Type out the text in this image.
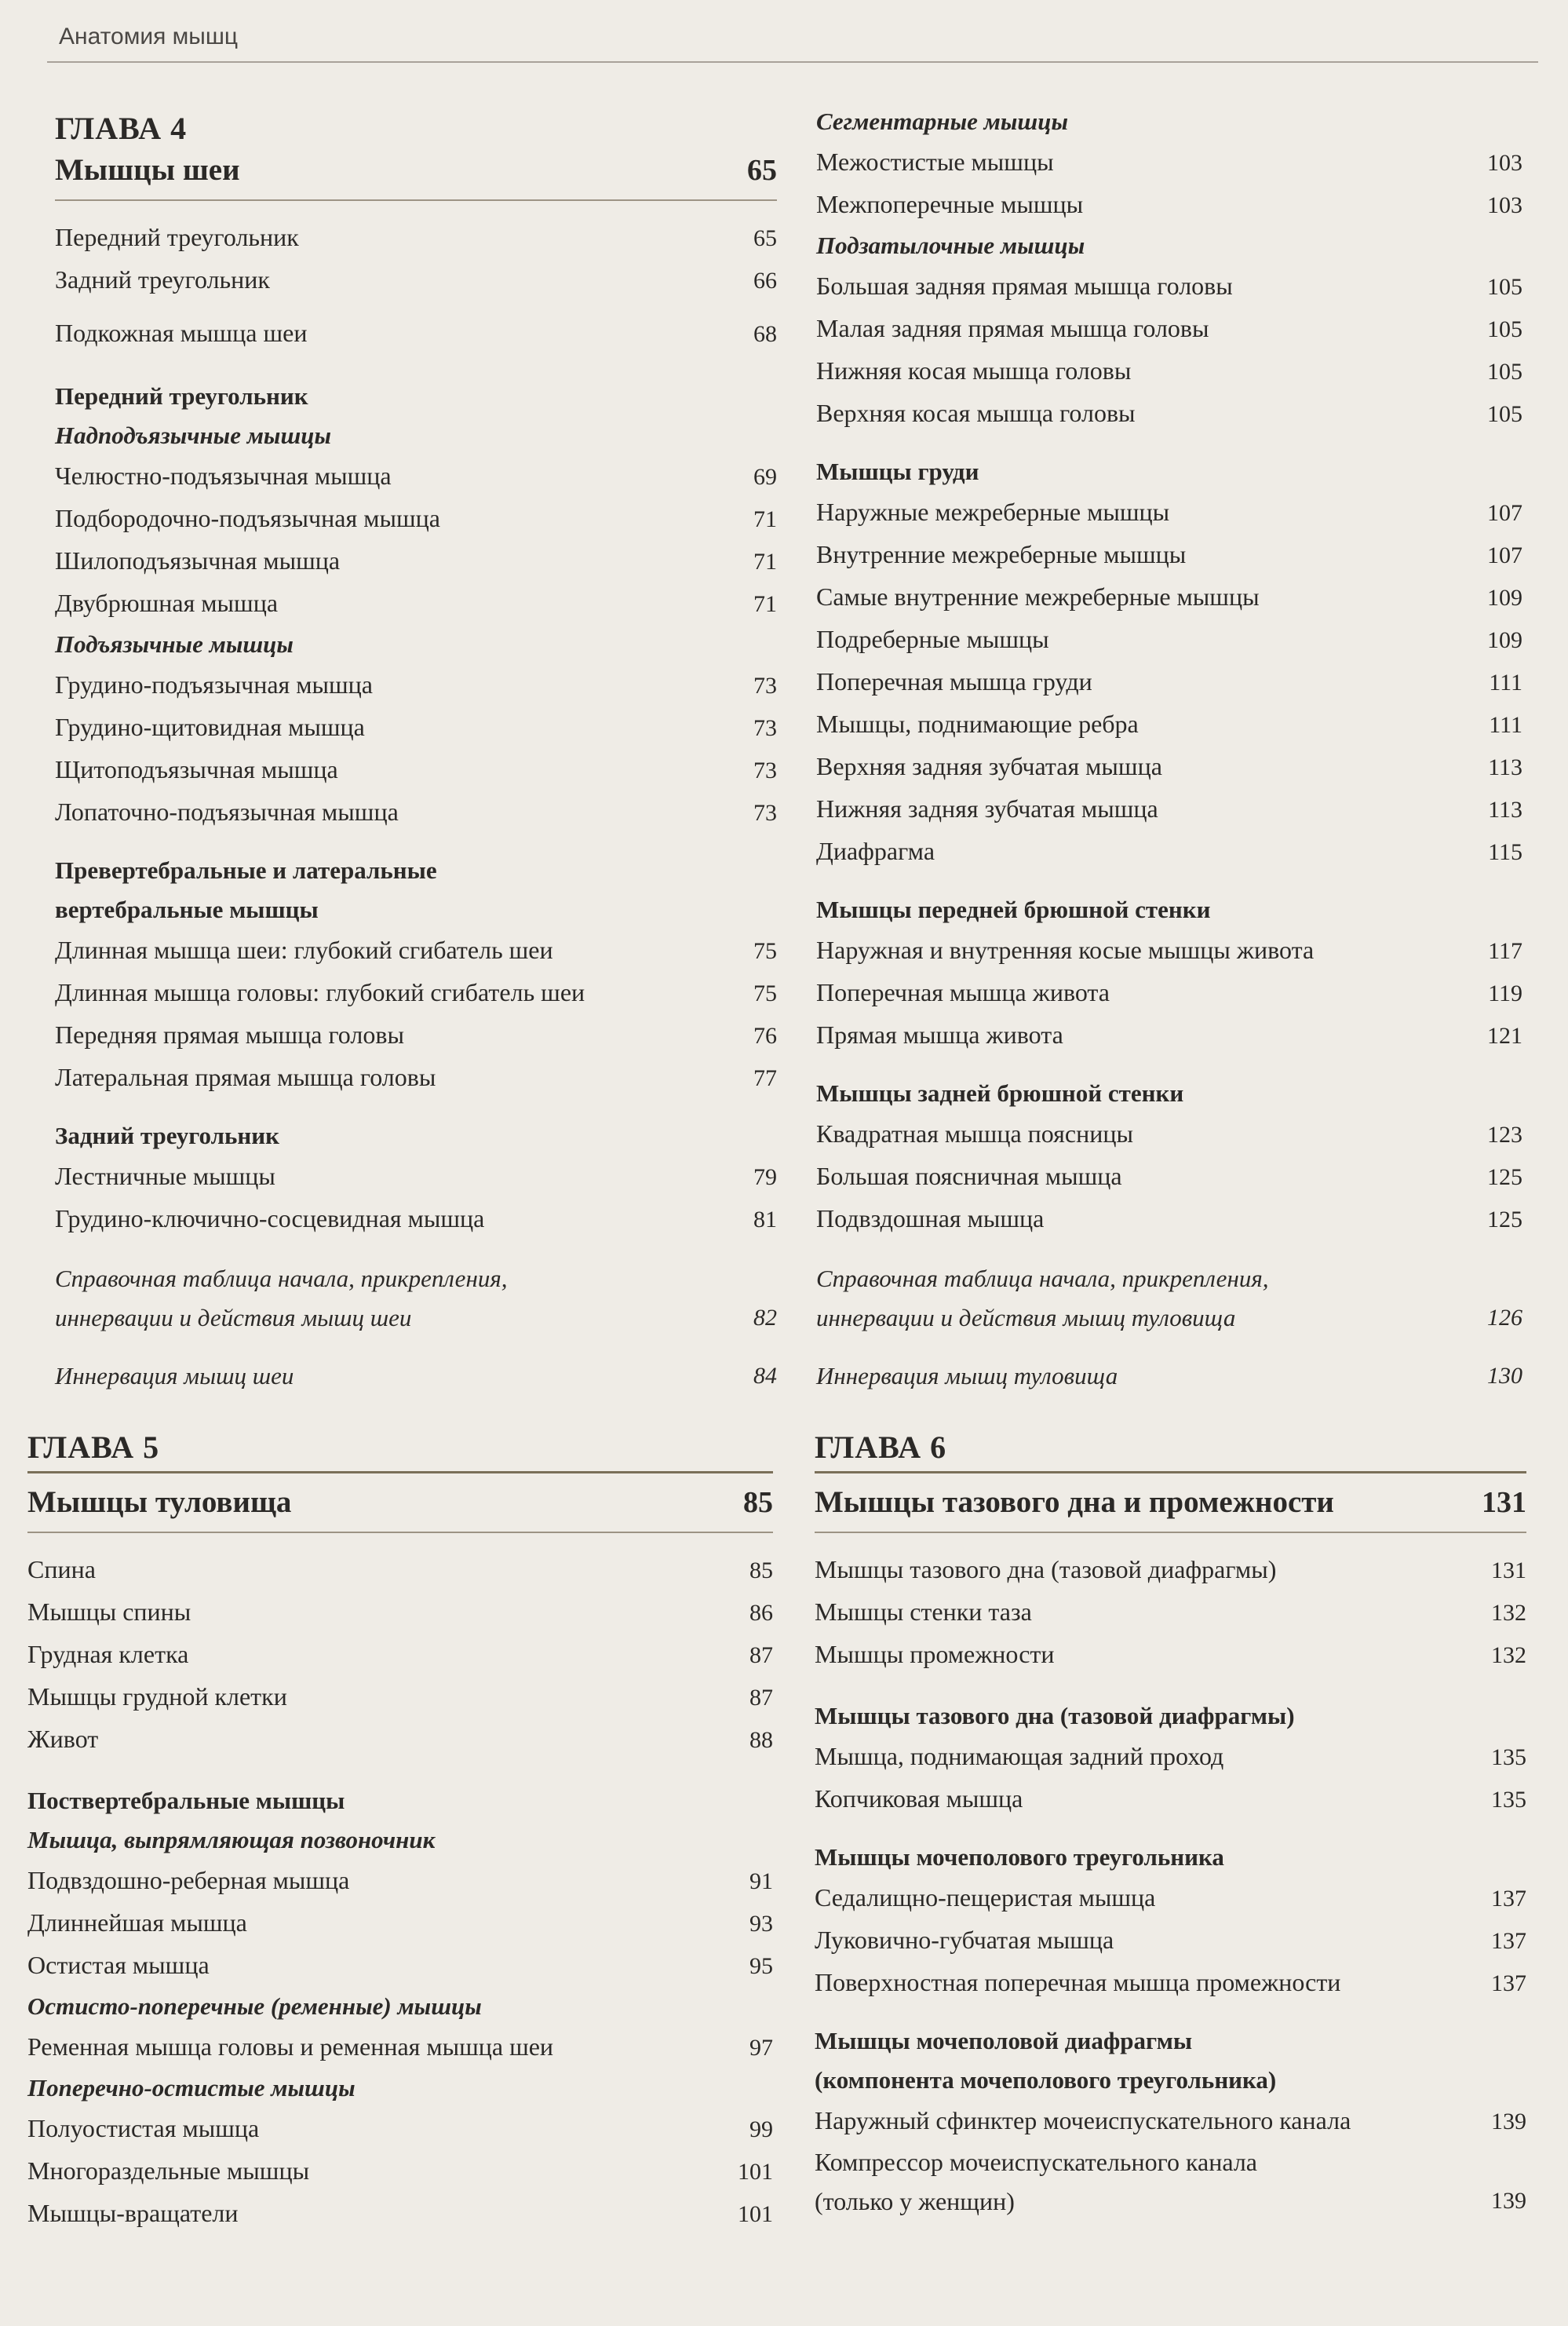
Анатомия мышц
ГЛАВА 4
Мышцы шеи	65
Передний треугольник	65
Задний треугольник	66
Подкожная мышца шеи	68
Передний треугольник
Надподъязычные мышцы
Челюстно-подъязычная мышца	69
Подбородочно-подъязычная мышца	71
Шилоподъязычная мышца	71
Двубрюшная мышца	71
Подъязычные мышцы
Грудино-подъязычная мышца	73
Грудино-щитовидная мышца	73
Щитоподъязычная мышца	73
Лопаточно-подъязычная мышца	73
Превертебральные и латеральные
вертебральные мышцы
Длинная мышца шеи: глубокий сгибатель шеи	75
Длинная мышца головы: глубокий сгибатель шеи	75
Передняя прямая мышца головы	76
Латеральная прямая мышца головы	77
Задний треугольник
Лестничные мышцы	79
Грудино-ключично-сосцевидная мышца	81
Справочная таблица начала, прикрепления,
иннервации и действия мышц шеи	82
Иннервация мышц шеи	84
Сегментарные мышцы
Межостистые мышцы	103
Межпоперечные мышцы	103
Подзатылочные мышцы
Большая задняя прямая мышца головы	105
Малая задняя прямая мышца головы	105
Нижняя косая мышца головы	105
Верхняя косая мышца головы	105
Мышцы груди
Наружные межреберные мышцы	107
Внутренние межреберные мышцы	107
Самые внутренние межреберные мышцы	109
Подреберные мышцы	109
Поперечная мышца груди	111
Мышцы, поднимающие ребра	111
Верхняя задняя зубчатая мышца	113
Нижняя задняя зубчатая мышца	113
Диафрагма	115
Мышцы передней брюшной стенки
Наружная и внутренняя косые мышцы живота	117
Поперечная мышца живота	119
Прямая мышца живота	121
Мышцы задней брюшной стенки
Квадратная мышца поясницы	123
Большая поясничная мышца	125
Подвздошная мышца	125
Справочная таблица начала, прикрепления,
иннервации и действия мышц туловища	126
Иннервация мышц туловища	130
ГЛАВА 5
Мышцы туловища	85
Спина	85
Мышцы спины	86
Грудная клетка	87
Мышцы грудной клетки	87
Живот	88
Поствертебральные мышцы
Мышца, выпрямляющая позвоночник
Подвздошно-реберная мышца	91
Длиннейшая мышца	93
Остистая мышца	95
Остисто-поперечные (ременные) мышцы
Ременная мышца головы и ременная мышца шеи	97
Поперечно-остистые мышцы
Полуостистая мышца	99
Многораздельные мышцы	101
Мышцы-вращатели	101
ГЛАВА 6
Мышцы тазового дна и промежности	131
Мышцы тазового дна (тазовой диафрагмы)	131
Мышцы стенки таза	132
Мышцы промежности	132
Мышцы тазового дна (тазовой диафрагмы)
Мышца, поднимающая задний проход	135
Копчиковая мышца	135
Мышцы мочеполового треугольника
Седалищно-пещеристая мышца	137
Луковично-губчатая мышца	137
Поверхностная поперечная мышца промежности	137
Мышцы мочеполовой диафрагмы
(компонента мочеполового треугольника)
Наружный сфинктер мочеиспускательного канала	139
Компрессор мочеиспускательного канала
(только у женщин)	139
